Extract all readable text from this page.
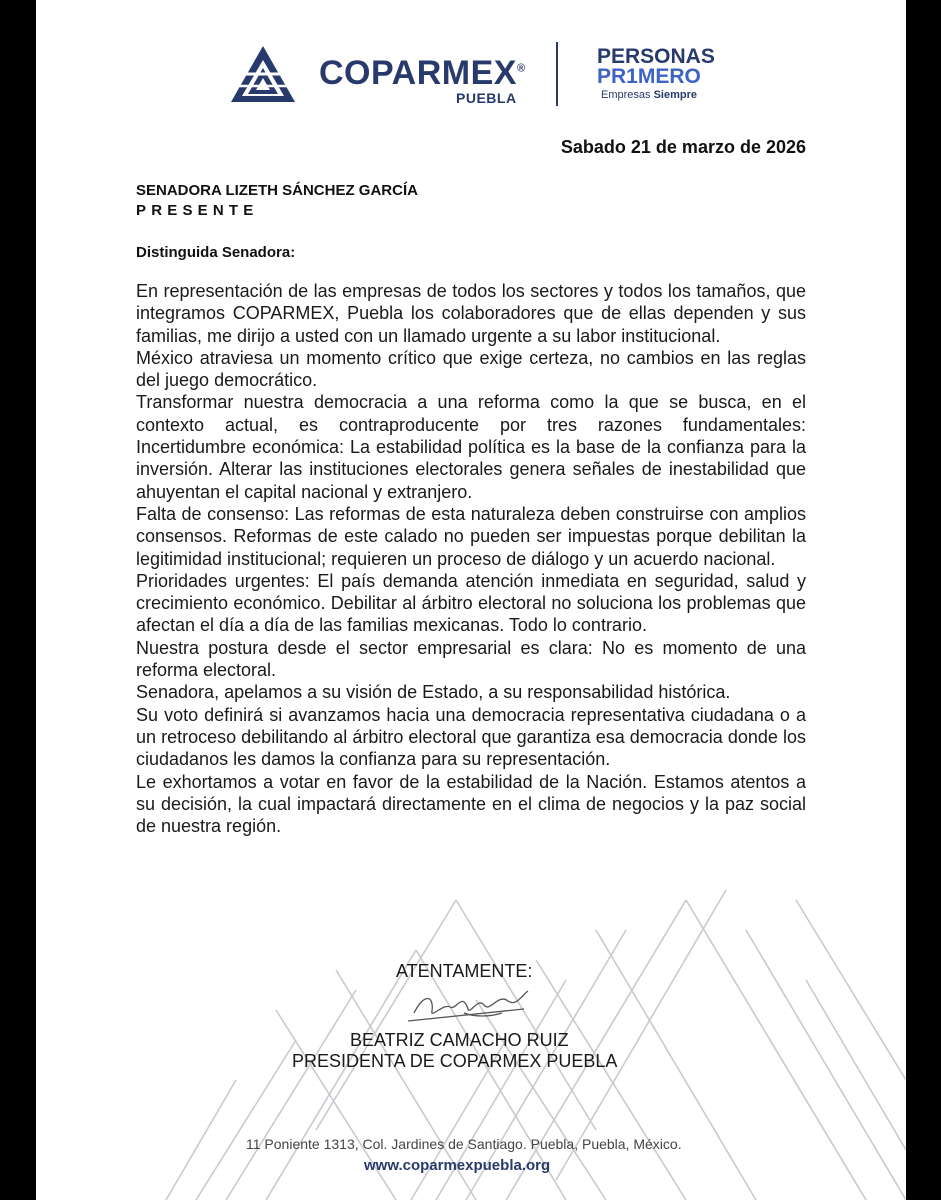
COPARMEX®
PUEBLA
PERSONAS
PR1MERO
Empresas Siempre
Sabado 21 de marzo de 2026
SENADORA LIZETH SÁNCHEZ GARCÍA
PRESENTE
Distinguida Senadora:

En representación de las empresas de todos los sectores y todos los tamaños, que integramos COPARMEX, Puebla los colaboradores que de ellas dependen y sus familias, me dirijo a usted con un llamado urgente a su labor institucional.

México atraviesa un momento crítico que exige certeza, no cambios en las reglas del juego democrático.

Transformar nuestra democracia a una reforma como la que se busca, en el contexto actual, es contraproducente por tres razones fundamentales: Incertidumbre económica: La estabilidad política es la base de la confianza para la inversión. Alterar las instituciones electorales genera señales de inestabilidad que ahuyentan el capital nacional y extranjero.

Falta de consenso: Las reformas de esta naturaleza deben construirse con amplios consensos. Reformas de este calado no pueden ser impuestas porque debilitan la legitimidad institucional; requieren un proceso de diálogo y un acuerdo nacional.

Prioridades urgentes: El país demanda atención inmediata en seguridad, salud y crecimiento económico. Debilitar al árbitro electoral no soluciona los problemas que afectan el día a día de las familias mexicanas. Todo lo contrario.

Nuestra postura desde el sector empresarial es clara: No es momento de una reforma electoral.

Senadora, apelamos a su visión de Estado, a su responsabilidad histórica.

Su voto definirá si avanzamos hacia una democracia representativa ciudadana o a un retroceso debilitando al árbitro electoral que garantiza esa democracia donde los ciudadanos les damos la confianza para su representación.

Le exhortamos a votar en favor de la estabilidad de la Nación. Estamos atentos a su decisión, la cual impactará directamente en el clima de negocios y la paz social de nuestra región.

ATENTAMENTE:
BEATRIZ CAMACHO RUIZ
PRESIDENTA DE COPARMEX PUEBLA
11 Poniente 1313, Col. Jardines de Santiago. Puebla, Puebla, México.
www.coparmexpuebla.org
